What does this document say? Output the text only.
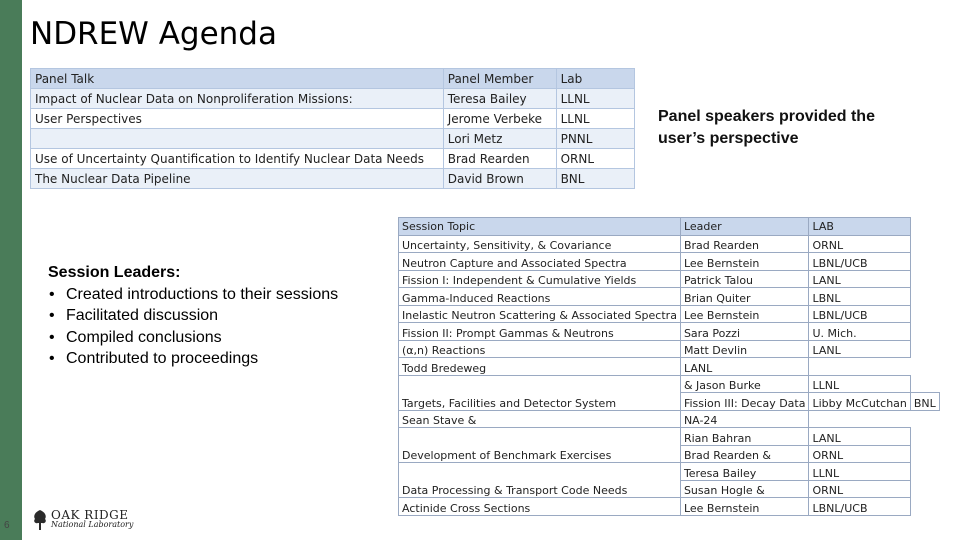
NDREW Agenda
Panel Talk	Panel Member	Lab
Impact of Nuclear Data on Nonproliferation Missions:	Teresa Bailey	LLNL
User Perspectives	Jerome Verbeke	LLNL
	Lori Metz	PNNL
Use of Uncertainty Quantification to Identify Nuclear Data Needs	Brad Rearden	ORNL
The Nuclear Data Pipeline	David Brown	BNL
Panel speakers provided the user’s perspective
Session Leaders:
• Created introductions to their sessions
• Facilitated discussion
• Compiled conclusions
• Contributed to proceedings
Session Topic	Leader	LAB	
Uncertainty, Sensitivity, & Covariance	Brad Rearden	ORNL	
Neutron Capture and Associated Spectra	Lee Bernstein	LBNL/UCB	
Fission I: Independent & Cumulative Yields	Patrick Talou	LANL	
Gamma-Induced Reactions	Brian Quiter	LBNL	
Inelastic Neutron Scattering & Associated Spectra	Lee Bernstein	LBNL/UCB	
Fission II: Prompt Gammas & Neutrons	Sara Pozzi	U. Mich.	
(α,n) Reactions	Matt Devlin	LANL	
Todd Bredeweg	LANL		
Targets, Facilities and Detector System	& Jason Burke	LLNL	
	Fission III: Decay Data	Libby McCutchan	BNL
Sean Stave &	NA-24		
Development of Benchmark Exercises	Rian Bahran	LANL	
	Brad Rearden &	ORNL	
Data Processing & Transport Code Needs	Teresa Bailey	LLNL	
	Susan Hogle &	ORNL	
Actinide Cross Sections	Lee Bernstein	LBNL/UCB	
6
OAK RIDGE
National Laboratory
